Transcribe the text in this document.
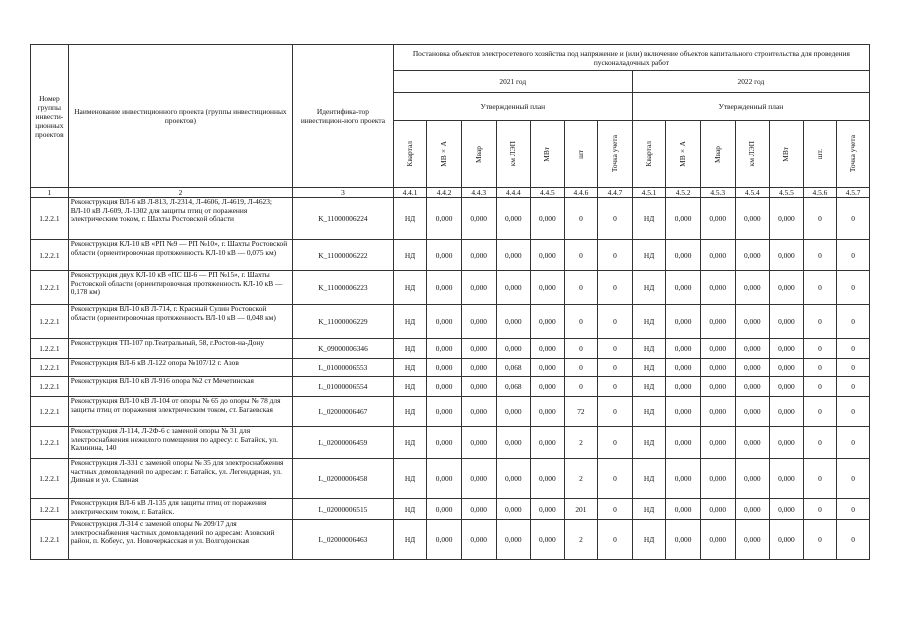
Номер группы инвести-ционных проектов	Наименование инвестиционного проекта (группы инвестиционных проектов)	Идентифика-тор инвестицион-ного проекта	Постановка объектов электросетевого хозяйства под напряжение и (или) включение объектов капитального строительства для проведения пусконаладочных работ													
			2021 год							2022 год						
			Утвержденный план							Утвержденный план						

			Квартал	МВ×А	Мвар	км ЛЭП	МВт	шт	Точка учета	Квартал	МВ×А	Мвар	км ЛЭП	МВт	шт.	Точка учета

1	2	3	4.4.1	4.4.2	4.4.3	4.4.4	4.4.5	4.4.6	4.4.7	4.5.1	4.5.2	4.5.3	4.5.4	4.5.5	4.5.6	4.5.7
1.2.2.1	Реконструкция ВЛ-6 кВ Л-813, Л-2314, Л-4606, Л-4619, Л-4623; ВЛ-10 кВ Л-609, Л-1302 для защиты птиц от поражения электрическим током, г. Шахты Ростовской области	K_11000006224	НД	0,000	0,000	0,000	0,000	0	0	НД	0,000	0,000	0,000	0,000	0	0
1.2.2.1	Реконструкция КЛ-10 кВ «РП №9 — РП №10», г. Шахты Ростовской области (ориентировочная протяженность КЛ-10 кВ — 0,075 км)	K_11000006222	НД	0,000	0,000	0,000	0,000	0	0	НД	0,000	0,000	0,000	0,000	0	0
1.2.2.1	Реконструкция двух КЛ-10 кВ «ПС Ш-6 — РП №15», г. Шахты Ростовской области (ориентировочная протяженность КЛ-10 кВ — 0,178 км)	K_11000006223	НД	0,000	0,000	0,000	0,000	0	0	НД	0,000	0,000	0,000	0,000	0	0
1.2.2.1	Реконструкция ВЛ-10 кВ Л-714, г. Красный Сулин Ростовской области (ориентировочная протяженность ВЛ-10 кВ — 0,048 км)	K_11000006229	НД	0,000	0,000	0,000	0,000	0	0	НД	0,000	0,000	0,000	0,000	0	0
1.2.2.1	Реконструкция ТП-107 пр.Театральный, 58, г.Ростов-на-Дону	K_09000006346	НД	0,000	0,000	0,000	0,000	0	0	НД	0,000	0,000	0,000	0,000	0	0
1.2.2.1	Реконструкция ВЛ-6 кВ Л-122 опора №107/12 г. Азов	L_01000006553	НД	0,000	0,000	0,068	0,000	0	0	НД	0,000	0,000	0,000	0,000	0	0
1.2.2.1	Реконструкция ВЛ-10 кВ Л-916 опора №2 ст Мечетинская	L_01000006554	НД	0,000	0,000	0,068	0,000	0	0	НД	0,000	0,000	0,000	0,000	0	0
1.2.2.1	Реконструкция ВЛ-10 кВ Л-104 от опоры № 65 до опоры № 78 для защиты птиц от поражения электрическим током, ст. Багаевская	L_02000006467	НД	0,000	0,000	0,000	0,000	72	0	НД	0,000	0,000	0,000	0,000	0	0
1.2.2.1	Реконструкция Л-114, Л-2Ф-6 с заменой опоры № 31 для электроснабжения нежилого помещения по адресу: г. Батайск, ул. Калинина, 140	L_02000006459	НД	0,000	0,000	0,000	0,000	2	0	НД	0,000	0,000	0,000	0,000	0	0
1.2.2.1	Реконструкция Л-331 с заменой опоры № 35 для электроснабжения частных домовладений по адресам: г. Батайск, ул. Легендарная, ул. Дивная и ул. Славная	L_02000006458	НД	0,000	0,000	0,000	0,000	2	0	НД	0,000	0,000	0,000	0,000	0	0
1.2.2.1	Реконструкция ВЛ-6 кВ Л-135 для защиты птиц от поражения электрическим током, г. Батайск.	L_02000006515	НД	0,000	0,000	0,000	0,000	201	0	НД	0,000	0,000	0,000	0,000	0	0
1.2.2.1	Реконструкция Л-314 с заменой опоры № 209/17 для электроснабжения частных домовладений по адресам: Азовский район, п. Кобеус, ул. Новочеркасская и ул. Волгодонская	L_02000006463	НД	0,000	0,000	0,000	0,000	2	0	НД	0,000	0,000	0,000	0,000	0	0
